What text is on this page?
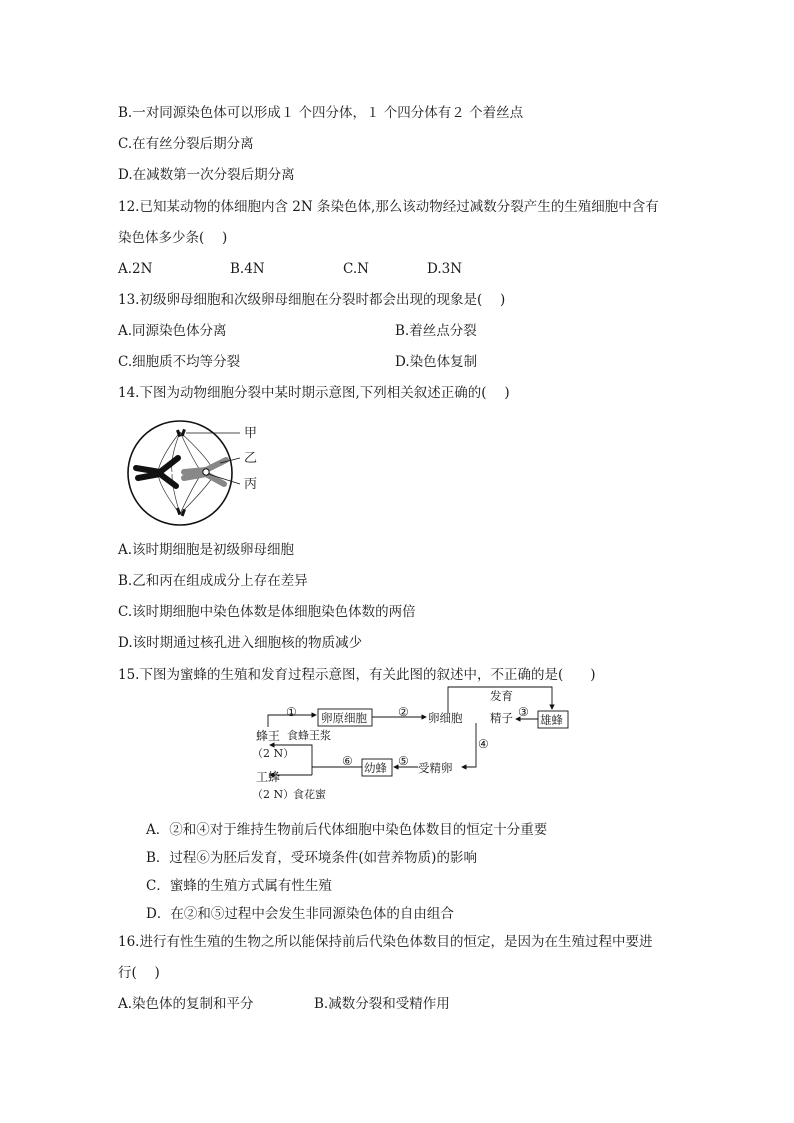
B.一对同源染色体可以形成１ 个四分体，１ 个四分体有２ 个着丝点
C.在有丝分裂后期分离
D.在减数第一次分裂后期分离
12.已知某动物的体细胞内含 2N 条染色体,那么该动物经过减数分裂产生的生殖细胞中含有
染色体多少条(　 )
A.2N	B.4N	C.N	D.3N
13.初级卵母细胞和次级卵母细胞在分裂时都会出现的现象是(　 )
A.同源染色体分离	B.着丝点分裂
C.细胞质不均等分裂	D.染色体复制
14.下图为动物细胞分裂中某时期示意图,下列相关叙述正确的(　 )
甲
乙
丙
A.该时期细胞是初级卵母细胞
B.乙和丙在组成成分上存在差异
C.该时期细胞中染色体数是体细胞染色体数的两倍
D.该时期通过核孔进入细胞核的物质减少
15.下图为蜜蜂的生殖和发育过程示意图，有关此图的叙述中，不正确的是(　　)
蜂王 食蜂王浆
（2 N）
工蜂
（2 N）
食花蜜
卵原细胞	卵细胞 精子 雄蜂
发育
受精卵
幼蜂
①	②	③
④
⑤
⑥
A．②和④对于维持生物前后代体细胞中染色体数目的恒定十分重要
B．过程⑥为胚后发育，受环境条件(如营养物质)的影响
C．蜜蜂的生殖方式属有性生殖
D．在②和⑤过程中会发生非同源染色体的自由组合
16.进行有性生殖的生物之所以能保持前后代染色体数目的恒定，是因为在生殖过程中要进
行(　 )
A.染色体的复制和平分	B.减数分裂和受精作用
